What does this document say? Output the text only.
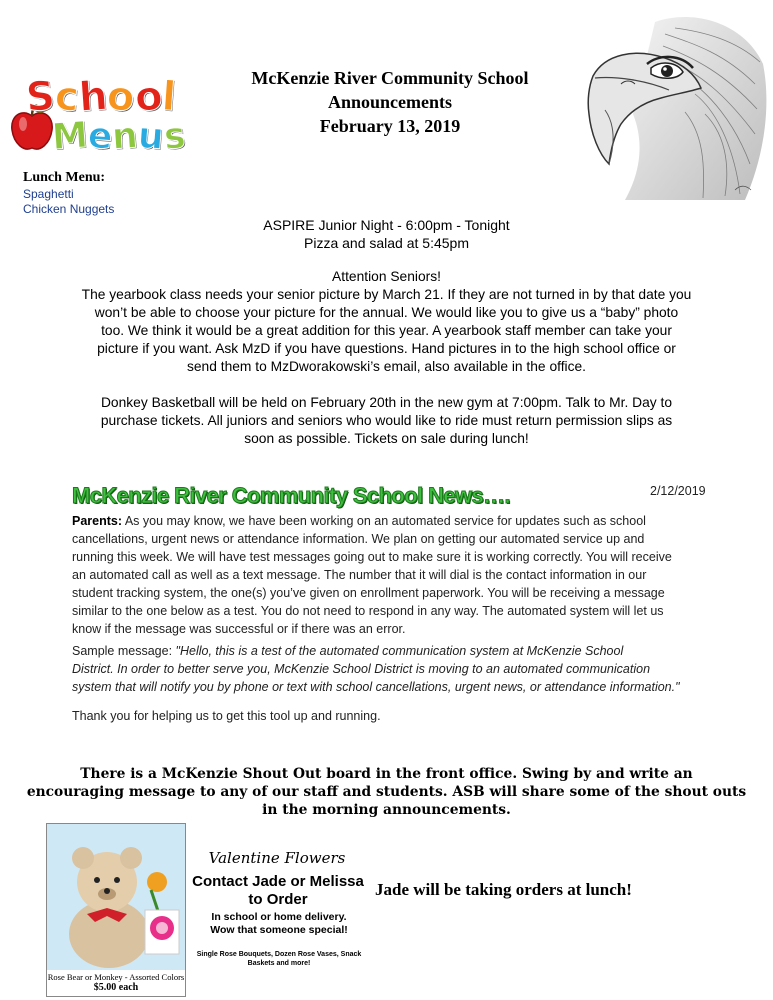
School
Menus
McKenzie River Community School
Announcements
February 13, 2019
Lunch Menu:
Spaghetti
Chicken Nuggets
ASPIRE Junior Night - 6:00pm - Tonight
Pizza and salad at 5:45pm
Attention Seniors!
The yearbook class needs your senior picture by March 21. If they are not turned in by that date you
won’t be able to choose your picture for the annual. We would like you to give us a “baby” photo
too. We think it would be a great addition for this year. A yearbook staff member can take your
picture if you want. Ask MzD if you have questions. Hand pictures in to the high school office or
send them to MzDworakowski’s email, also available in the office.
Donkey Basketball will be held on February 20th in the new gym at 7:00pm. Talk to Mr. Day to
purchase tickets. All juniors and seniors who would like to ride must return permission slips as
soon as possible. Tickets on sale during lunch!
McKenzie River Community School News….	2/12/2019
Parents: As you may know, we have been working on an automated service for updates such as school
cancellations, urgent news or attendance information. We plan on getting our automated service up and
running this week. We will have test messages going out to make sure it is working correctly. You will receive
an automated call as well as a text message. The number that it will dial is the contact information in our
student tracking system, the one(s) you’ve given on enrollment paperwork. You will be receiving a message
similar to the one below as a test. You do not need to respond in any way. The automated system will let us
know if the message was successful or if there was an error.
Sample message: "Hello, this is a test of the automated communication system at McKenzie School
District. In order to better serve you, McKenzie School District is moving to an automated communication
system that will notify you by phone or text with school cancellations, urgent news, or attendance information."
Thank you for helping us to get this tool up and running.
There is a McKenzie Shout Out board in the front office. Swing by and write an
encouraging message to any of our staff and students. ASB will share some of the shout outs
in the morning announcements.
Rose Bear or Monkey - Assorted Colors
$5.00 each
Valentine Flowers
Contact Jade or Melissa
to Order
In school or home delivery.
Wow that someone special!
Single Rose Bouquets, Dozen Rose Vases, Snack
Baskets and more!
Jade will be taking orders at lunch!
